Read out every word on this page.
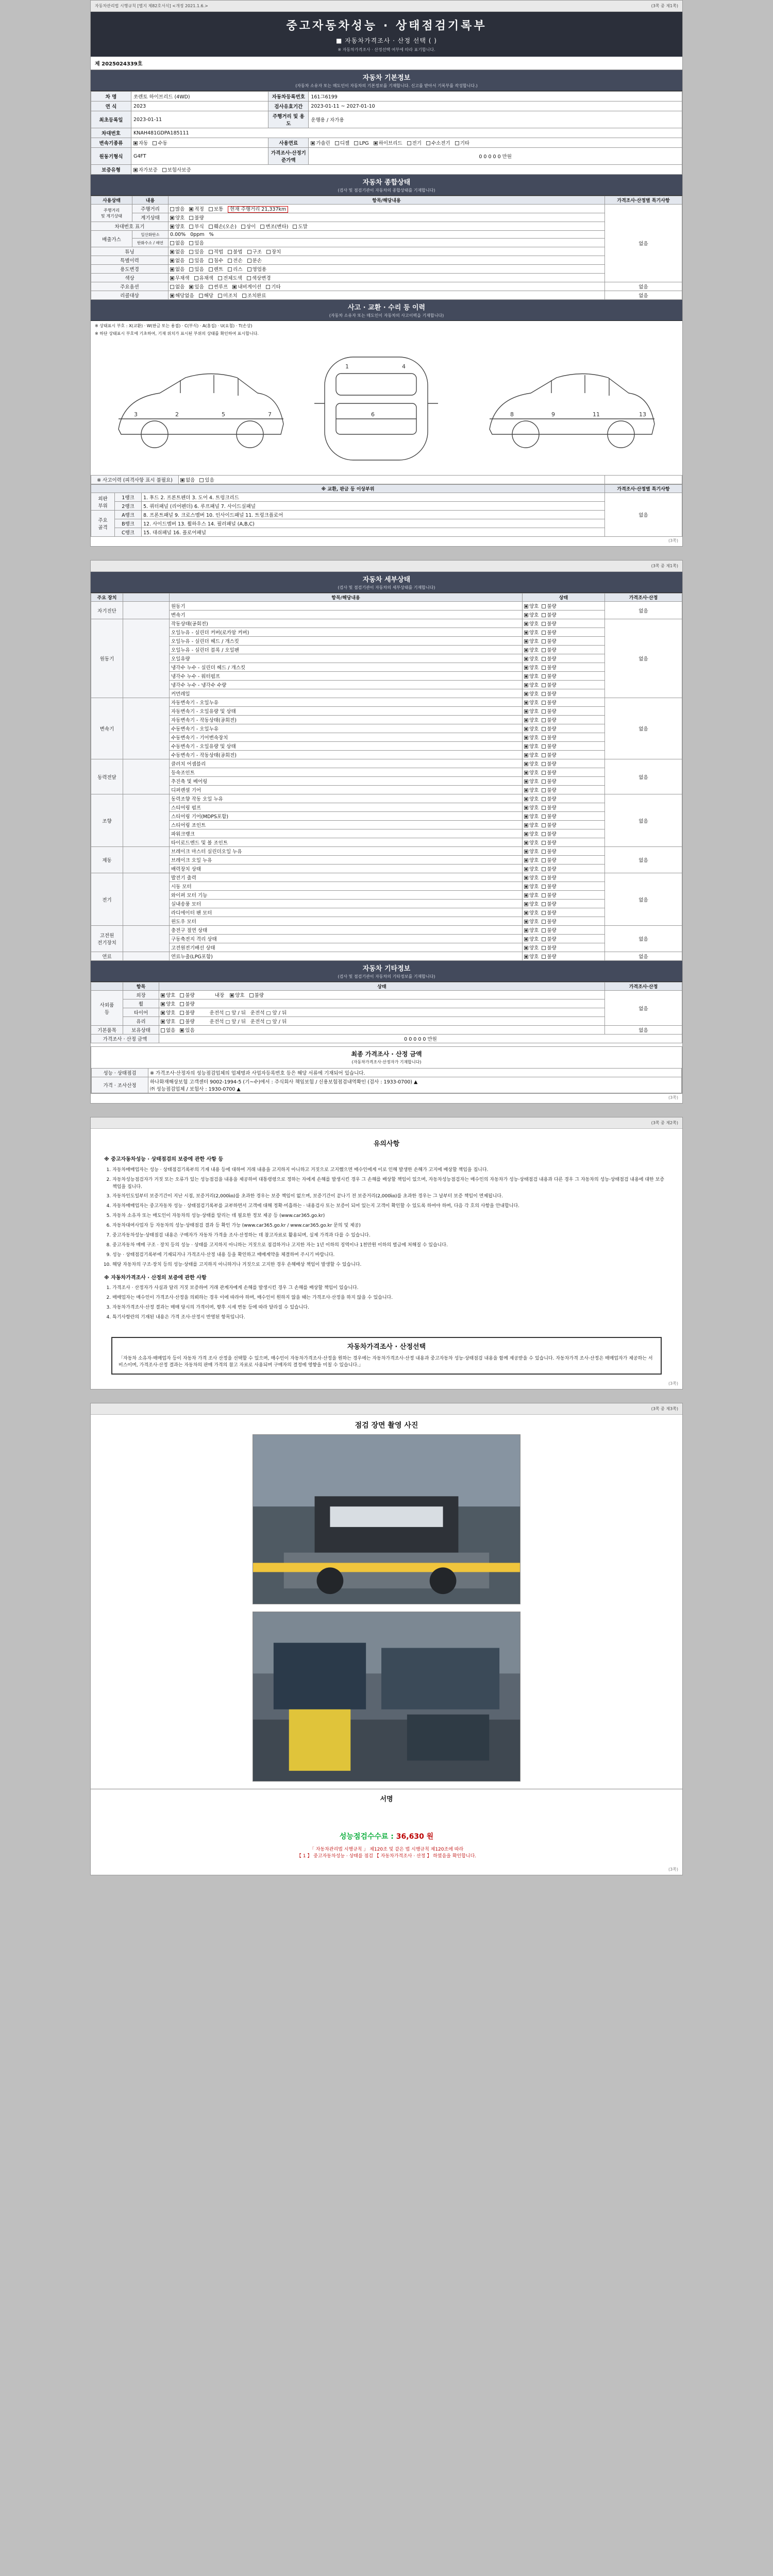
자동차관리법 시행규칙 [별지 제82호서식] <개정 2021.1.6.>	(3쪽 중 제1쪽)
중고자동차성능 · 상태점검기록부
■ 자동차가격조사 · 산정 선택 ( )
※ 자동차가격조사 · 산정선택 여부에 따라 표기합니다.
제 2025024339호
자동차 기본정보
(자동차 소유자 또는 매도인이 자동차의 기본정보를 기재합니다. 신고를 받아서 기록부를 작성합니다.)
차 명	쏘렌토 하이브리드 (4WD)	자동차등록번호	161그6199
연 식	2023	검사유효기간	2023-01-11 ~ 2027-01-10
최초등록일	2023-01-11	주행거리 및 용도	운행용 / 자가용
차대번호	KNAH481GDPA185111		
변속기종류	자동 수동	사용연료	가솔린 디젤 LPG 하이브리드 전기 수소전기 기타
원동기형식	G4FT	가격조사·산정기준가액	0 0 0 0 0 만원
보증유형	자가보증 보험사보증		
자동차 종합상태
(검사 및 점검기관이 자동차의 종합상태를 기재합니다)
사용상태	내용	항목/해당내용	가격조사·산정별 특기사항
주행거리
및 계기상태	주행거리	많음 적정 보통 현재 주행거리 21,337km	없음
	계기상태	양호 불량	
차대번호 표기		양호 부식 훼손(오손) 상이 변조(변타) 도말	
배출가스	일산화탄소	0.00%   0ppm   %	
	탄화수소 / 매연	없음 있음	
튜닝		없음 있음 적법 불법 구조 장치	
특별이력		없음 있음 침수 전손 분손	
용도변경		없음 있음 렌트 리스 영업용	
색상		무채색 유채색 전체도색 색상변경	
주요옵션		없음 있음 썬루프 내비게이션 기타	없음
리콜대상		해당없음 해당 미조치 조치완료	없음
사고 · 교환 · 수리 등 이력
(자동차 소유자 또는 매도인이 자동차의 사고이력을 기재합니다)
※ 상태표시 부호 : X(교환) · W(판금 또는 용접) · C(부식) · A(흠집) · U(요철) · T(손상)
※ 하단 상태표시 부호에 기초하여, 기재 위치가 표시된 부위의 상태를 확인하여 표시합니다.
3	2	5	7
1	4
6	8	9	11	13
※ 사고이력 (피격사항 표시 불필요)	없음 있음	
※ 교환, 판금 등 이상부위			가격조사·산정별 특기사항
외판
부위	1랭크	1. 후드 2. 프론트펜더 3. 도어 4. 트렁크리드	없음
	2랭크	5. 쿼터패널 (리어펜더) 6. 루프패널 7. 사이드실패널	
주요
골격	A랭크	8. 프론트패널 9. 크로스멤버 10. 인사이드패널 11. 트렁크플로어	
	B랭크	12. 사이드멤버 13. 휠하우스 14. 필러패널 (A,B,C)	
	C랭크	15. 대쉬패널 16. 플로어패널	
(3쪽)
(3쪽 중 제1쪽)
자동차 세부상태
(검사 및 점검기관이 자동차의 세부상태를 기재합니다)
주요 장치		항목/해당내용	상태	가격조사·산정
자기진단		원동기	양호 불량	없음
		변속기	양호 불량	
원동기		작동상태(공회전)	양호 불량	없음
		오일누유 - 실린더 커버(로카암 커버)	양호 불량	
		오일누유 - 실린더 헤드 / 개스킷	양호 불량	
		오일누유 - 실린더 블록 / 오일팬	양호 불량	
		오일유량	양호 불량	
		냉각수 누수 - 실린더 헤드 / 개스킷	양호 불량	
		냉각수 누수 - 워터펌프	양호 불량	
		냉각수 누수 - 냉각수 수량	양호 불량	
		커먼레일	양호 불량	
변속기		자동변속기 - 오일누유	양호 불량	없음
		자동변속기 - 오일유량 및 상태	양호 불량	
		자동변속기 - 작동상태(공회전)	양호 불량	
		수동변속기 - 오일누유	양호 불량	
		수동변속기 - 기어변속장치	양호 불량	
		수동변속기 - 오일유량 및 상태	양호 불량	
		수동변속기 - 작동상태(공회전)	양호 불량	
동력전달		클러치 어셈블리	양호 불량	없음
		등속조인트	양호 불량	
		추진축 및 베어링	양호 불량	
		디퍼렌셜 기어	양호 불량	
조향		동력조향 작동 오일 누유	양호 불량	없음
		스티어링 펌프	양호 불량	
		스티어링 기어(MDPS포함)	양호 불량	
		스티어링 조인트	양호 불량	
		파워크랭크	양호 불량	
		타이로드엔드 및 볼 조인트	양호 불량	
제동		브레이크 마스터 실린더오일 누유	양호 불량	없음
		브레이크 오일 누유	양호 불량	
		배력장치 상태	양호 불량	
전기		발전기 출력	양호 불량	없음
		시동 모터	양호 불량	
		와이퍼 모터 기능	양호 불량	
		실내송풍 모터	양호 불량	
		라디에이터 팬 모터	양호 불량	
		윈도우 모터	양호 불량	
고전원
전기장치		충전구 절연 상태	양호 불량	없음
		구동축전지 격리 상태	양호 불량	
		고전원전기배선 상태	양호 불량	
연료		연료누출(LPG포함)	양호 불량	없음
자동차 기타정보
(검사 및 점검기관이 자동차의 기타정보를 기재합니다)
	항목	상태	가격조사·산정
사외품
등	외장	양호 불량 내장 양호 불량	없음
	휠	양호 불량	
	타이어	양호 불량 운전석 □ 앞 / 뒤   운전석 □ 앞 / 뒤	
	유리	양호 불량 운전석 □ 앞 / 뒤   운전석 □ 앞 / 뒤	
기본품목	보유상태	없음 있음	없음
가격조사 · 산정 금액		0 0 0 0 0 만원	
최종 가격조사 · 산정 금액
(자동차가격조사·산정자가 기재합니다)
성능 · 상태점검	※ 가격조사·산정자의 성능점검업체의 업체명과 사업자등록번호 등은 해당 서류에 기재되어 있습니다.
가격 · 조사산정	하나화재해상보험 고객센터 9002-1994-5 (기~수)에서 : 주식회사 책임보험 / 신용보험점검내역확인 (검사 : 1933-0700) ▲
㈜ 성능점검업체 / 보험사 : 1930-0700 ▲
(3쪽)
(3쪽 중 제2쪽)
유의사항
※ 중고자동차성능 · 상태점검의 보증에 관한 사항 등
1. 자동차매매업자는 성능 · 상태점검기록부의 기재 내용 등에 대하여 거래 내용을 고지하지 아니하고 거짓으로 고지했으면 매수인에게 이로 인해 발생한 손해가 고지에 배상할 책임을 집니다.
2. 자동차성능점검자가 거짓 또는 오류가 있는 성능점검을 내용을 제공하여 대통령령으로 정하는 자에게 손해를 발생시킨 경우 그 손해를 배상할 책임이 있으며, 자동차성능점검자는 매수인의 자동차가 성능·상태점검 내용과 다른 경우 그 자동차의 성능·상태점검 내용에 대한 보증 책임을 집니다.
3. 자동차인도일부터 보증기간이 지난 시점, 보증거리(2,000㎞)를 초과한 경우는 보증 책임이 없으며, 보증기간이 끝나기 전 보증거리(2,000㎞)를 초과한 경우는 그 날부터 보증 책임이 면제됩니다.
4. 자동차매매업자는 중고자동차 성능 · 상태점검기록부를 교부하면서 고객에 대해 정확·미흡하는 · 내용검사 또는 보증이 되어 있는지 고객이 확인할 수 있도록 하여야 하며, 다음 각 호의 사항을 안내합니다.
5. 자동차 소유자 또는 매도인이 자동차의 성능·상태를 알리는 데 필요한 정보 제공 등 (www.car365.go.kr)
6. 자동차대여사업자 등 자동차의 성능·상태점검 결과 등 확인 가능 (www.car365.go.kr / www.car365.go.kr 문의 및 제공)
7. 중고자동차성능·상태점검 내용은 구매자가 자동차 가격을 조사·산정하는 데 참고자료로 활용되며, 실제 가격과 다를 수 있습니다.
8. 중고자동차 매매 구조 · 장치 등의 성능 · 상태를 고지하지 아니하는 거짓으로 점검하거나 고지한 자는 1년 이하의 징역이나 1천만원 이하의 벌금에 처해질 수 있습니다.
9. 성능 · 상태점검기록부에 기재되거나 가격조사·산정 내용 등을 확인하고 매매계약을 체결하여 주시기 바랍니다.
10. 해당 자동차의 구조·장치 등의 성능·상태를 고지하지 아니하거나 거짓으로 고지한 경우 손해배상 책임이 발생할 수 있습니다.
※ 자동차가격조사 · 산정의 보증에 관한 사항
1. 가격조사 · 산정자가 사실과 달리 거짓 보증하여 거래 관계자에게 손해를 발생시킨 경우 그 손해를 배상할 책임이 있습니다.
2. 매매업자는 매수인이 가격조사·산정을 의뢰하는 경우 이에 따라야 하며, 매수인이 원하지 않을 때는 가격조사·산정을 하지 않을 수 있습니다.
3. 자동차가격조사·산정 결과는 매매 당시의 가격이며, 향후 시세 변동 등에 따라 달라질 수 있습니다.
4. 특기사항란의 기재된 내용은 가격 조사·산정시 반영된 항목입니다.
자동차가격조사 · 산정선택
「자동차 소유자·매매업자 등이 자동차 가격 조사 산정을 선택할 수 있으며, 매수인이 자동차가격조사·산정을 원하는 경우에는 자동차가격조사·산정 내용과 중고자동차 성능·상태점검 내용을 함께 제공받을 수 있습니다. 자동차가격 조사·산정은 매매업자가 제공하는 서비스이며, 가격조사·산정 결과는 자동차의 판매 가격의 참고 자료로 사용되며 구매자의 결정에 영향을 미칠 수 있습니다.」
(3쪽)
(3쪽 중 제3쪽)
점검 장면 촬영 사진
서명
성능점검수수료 : 36,630 원
「 자동차관리법 시행규칙 」 제120조 및 같은 법 시행규칙 제120조에 따라
【 1 】 중고자동차성능 · 상태를 점검 【 자동차가격조사 · 산정 】 하였음을 확인합니다.
(3쪽)
